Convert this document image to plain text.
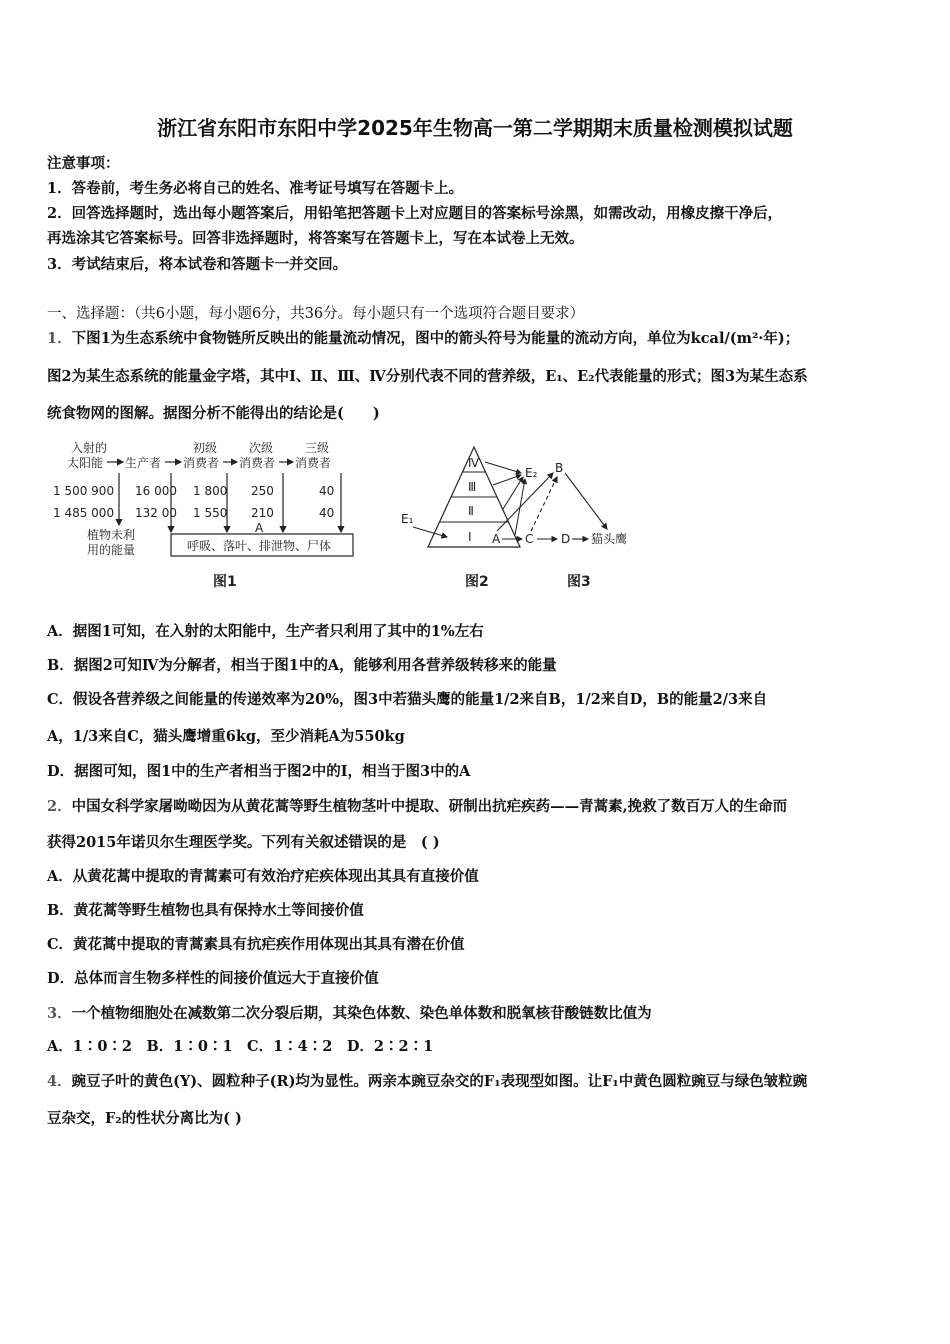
浙江省东阳市东阳中学2025年生物高一第二学期期末质量检测模拟试题
注意事项：
1．答卷前，考生务必将自己的姓名、准考证号填写在答题卡上。
2．回答选择题时，选出每小题答案后，用铅笔把答题卡上对应题目的答案标号涂黑，如需改动，用橡皮擦干净后，
再选涂其它答案标号。回答非选择题时，将答案写在答题卡上，写在本试卷上无效。
3．考试结束后，将本试卷和答题卡一并交回。
一、选择题：（共6小题，每小题6分，共36分。每小题只有一个选项符合题目要求）
1．下图1为生态系统中食物链所反映出的能量流动情况，图中的箭头符号为能量的流动方向，单位为kcal/(m²·年)；
图2为某生态系统的能量金字塔，其中Ⅰ、Ⅱ、Ⅲ、Ⅳ分别代表不同的营养级，E₁、E₂代表能量的形式；图3为某生态系
统食物网的图解。据图分析不能得出的结论是(　　)
入射的
太阳能 生产者
初级
消费者
次级
消费者
三级
消费者
1 500 900 16 000 1 800 250	40
1 485 000 132 00 1 550 210	40
植物未利
用的能量
A
呼吸、落叶、排泄物、尸体
图1
Ⅳ
Ⅲ
Ⅱ
Ⅰ
E₁
E₂
图2
B
A C D 猫头鹰
图3
A．据图1可知，在入射的太阳能中，生产者只利用了其中的1%左右
B．据图2可知Ⅳ为分解者，相当于图1中的A，能够利用各营养级转移来的能量
C．假设各营养级之间能量的传递效率为20%，图3中若猫头鹰的能量1/2来自B，1/2来自D，B的能量2/3来自
A，1/3来自C，猫头鹰增重6kg，至少消耗A为550kg
D．据图可知，图1中的生产者相当于图2中的Ⅰ，相当于图3中的A
2．中国女科学家屠呦呦因为从黄花蒿等野生植物茎叶中提取、研制出抗疟疾药——青蒿素,挽救了数百万人的生命而
获得2015年诺贝尔生理医学奖。下列有关叙述错误的是　( )
A．从黄花蒿中提取的青蒿素可有效治疗疟疾体现出其具有直接价值
B．黄花蒿等野生植物也具有保持水土等间接价值
C．黄花蒿中提取的青蒿素具有抗疟疾作用体现出其具有潜在价值
D．总体而言生物多样性的间接价值远大于直接价值
3．一个植物细胞处在减数第二次分裂后期，其染色体数、染色单体数和脱氧核苷酸链数比值为
A．1∶0∶2　B．1∶0∶1　C．1∶4∶2　D．2∶2∶1
4．豌豆子叶的黄色(Y)、圆粒种子(R)均为显性。两亲本豌豆杂交的F₁表现型如图。让F₁中黄色圆粒豌豆与绿色皱粒豌
豆杂交，F₂的性状分离比为( )
